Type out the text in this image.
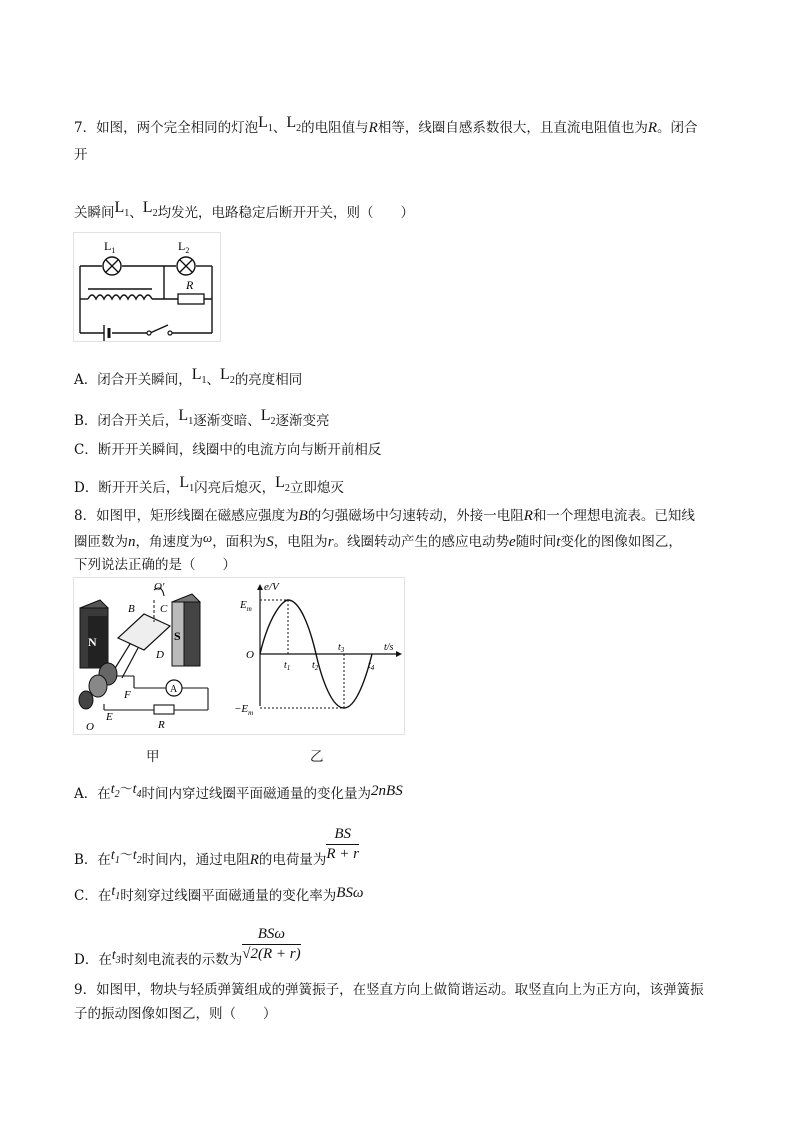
7．如图，两个完全相同的灯泡$L_1$、$L_2$的电阻值与R相等，线圈自感系数很大，且直流电阻值也为R。闭合
开
关瞬间$L_1$、$L_2$均发光，电路稳定后断开开关，则（　　）
$L_1$	$L_2$
R
A．闭合开关瞬间，$L_1$、$L_2$的亮度相同
B．闭合开关后，$L_1$逐渐变暗、$L_2$逐渐变亮
C．断开开关瞬间，线圈中的电流方向与断开前相反
D．断开开关后，$L_1$闪亮后熄灭，$L_2$立即熄灭
8．如图甲，矩形线圈在磁感应强度为B的匀强磁场中匀速转动，外接一电阻R和一个理想电流表。已知线
圈匝数为n，角速度为ω，面积为S，电阻为r。线圈转动产生的感应电动势e随时间t变化的图像如图乙，
下列说法正确的是（　　）
N	S
A
O'
B C
D
F
E
O	R
e/V
$E_m$
$-E_m$
O
$t_1$ $t_2$
$t_3$
$t_4$
t/s
甲	乙
A．在$t_2\sim t_4$时间内穿过线圈平面磁通量的变化量为2nBS
B．在$t_1\sim t_2$时间内，通过电阻R的电荷量为 $\frac{BS}{R + r}$
C．在$t_1$时刻穿过线圈平面磁通量的变化率为BSω
D．在$t_3$时刻电流表的示数为 $\frac{\text{BSω}}{√2(R + r)}$
9．如图甲，物块与轻质弹簧组成的弹簧振子，在竖直方向上做简谐运动。取竖直向上为正方向，该弹簧振
子的振动图像如图乙，则（　　）
